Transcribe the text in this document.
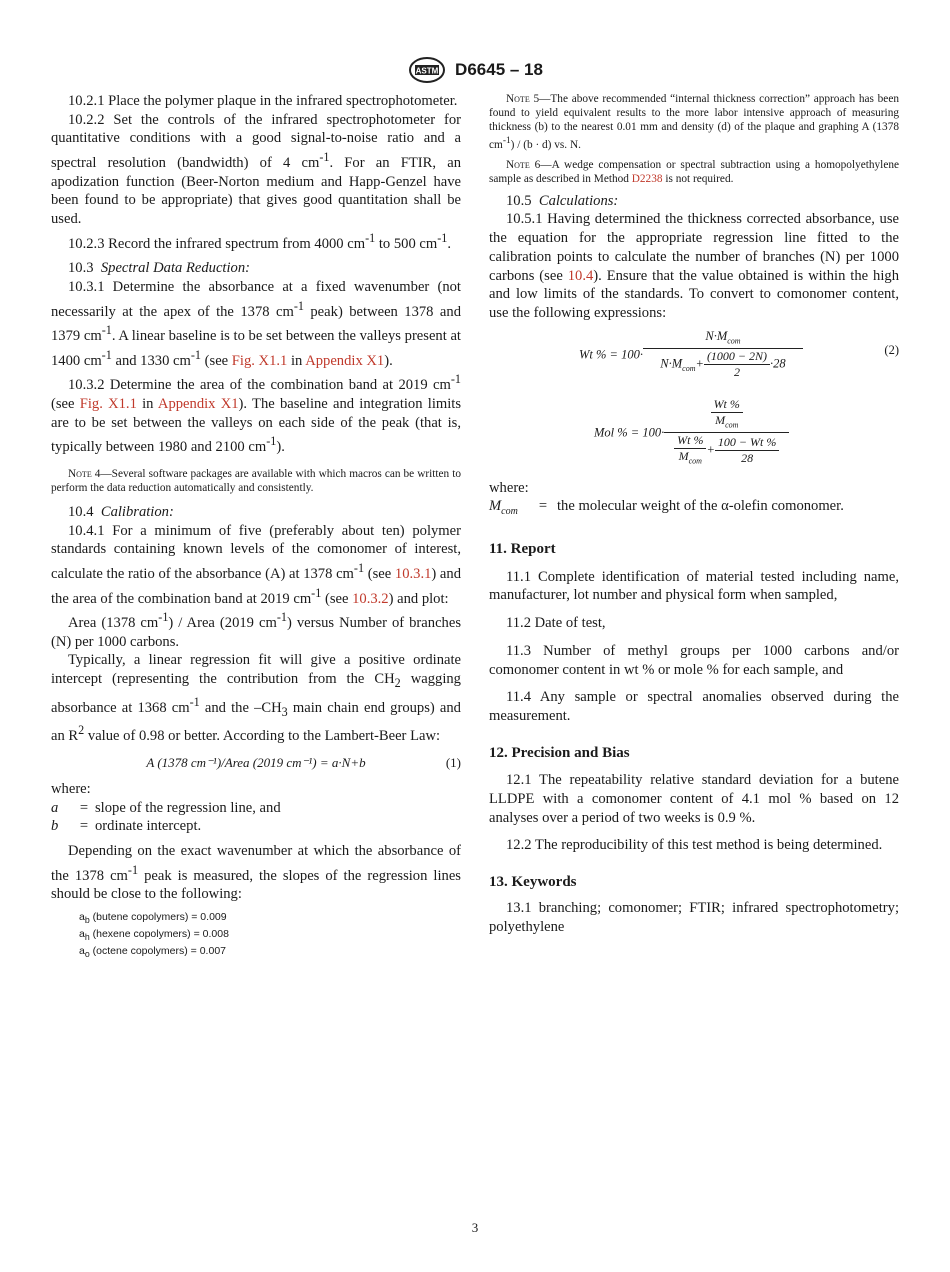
ASTM D6645 – 18

10.2.1 Place the polymer plaque in the infrared spectrophotometer.

10.2.2 Set the controls of the infrared spectrophotometer for quantitative conditions with a good signal-to-noise ratio and a spectral resolution (bandwidth) of 4 $cm^{-1}$. For an FTIR, an apodization function (Beer-Norton medium and Happ-Genzel have been found to be appropriate) that gives good quantitation shall be used.

10.2.3 Record the infrared spectrum from 4000 $cm^{-1}$ to 500 $cm^{-1}$.

10.3 Spectral Data Reduction:

10.3.1 Determine the absorbance at a fixed wavenumber (not necessarily at the apex of the 1378 $cm^{-1}$ peak) between 1378 and 1379 $cm^{-1}$. A linear baseline is to be set between the valleys present at 1400 $cm^{-1}$ and 1330 $cm^{-1}$ (see Fig. X1.1 in Appendix X1).

10.3.2 Determine the area of the combination band at 2019 $cm^{-1}$ (see Fig. X1.1 in Appendix X1). The baseline and integration limits are to be set between the valleys on each side of the peak (that is, typically between 1980 and 2100 $cm^{-1}$).

Note 4—Several software packages are available with which macros can be written to perform the data reduction automatically and consistently.

10.4 Calibration:

10.4.1 For a minimum of five (preferably about ten) polymer standards containing known levels of the comonomer of interest, calculate the ratio of the absorbance (A) at 1378 $cm^{-1}$ (see 10.3.1) and the area of the combination band at 2019 $cm^{-1}$ (see 10.3.2) and plot:

Area (1378 $cm^{-1}$) / Area (2019 $cm^{-1}$) versus Number of branches (N) per 1000 carbons.

Typically, a linear regression fit will give a positive ordinate intercept (representing the contribution from the $CH_2$ wagging absorbance at 1368 $cm^{-1}$ and the $-CH_3$ main chain end groups) and an $R^2$ value of 0.98 or better. According to the Lambert-Beer Law:

A (1378 cm⁻¹)/Area (2019 cm⁻¹) = a·N+b	(1)

where:

a	=	slope of the regression line, and
b	=	ordinate intercept.

Depending on the exact wavenumber at which the absorbance of the 1378 $cm^{-1}$ peak is measured, the slopes of the regression lines should be close to the following:

$a_b$ (butene copolymers) = 0.009
$a_h$ (hexene copolymers) = 0.008
$a_o$ (octene copolymers) = 0.007

Note 5—The above recommended “internal thickness correction” approach has been found to yield equivalent results to the more labor intensive approach of measuring thickness (b) to the nearest 0.01 mm and density (d) of the plaque and graphing A (1378 $cm^{-1}) / (b \cdot d)$ vs. N.

Note 6—A wedge compensation or spectral subtraction using a homopolyethylene sample as described in Method D2238 is not required.

10.5 Calculations:

10.5.1 Having determined the thickness corrected absorbance, use the equation for the appropriate regression line fitted to the calibration points to calculate the number of branches (N) per 1000 carbons (see 10.4). Ensure that the value obtained is within the high and low limits of the standards. To convert to comonomer content, use the following expressions:

Wt % = $100\cdot \frac{N\cdot M_{com}}{N\cdot M_{com}+ \frac{(1000 - 2N)}{2} \cdot 28}$	(2)
Mol % = $100\cdot \frac{\frac{Wt \%}{M_{com}}}{\frac{Wt \%}{M_{com}} + \frac{100 - Wt \%}{28}}$

where:

$M_{com}$	=	the molecular weight of the α-olefin comonomer.

11. Report

11.1 Complete identification of material tested including name, manufacturer, lot number and physical form when sampled,

11.2 Date of test,

11.3 Number of methyl groups per 1000 carbons and/or comonomer content in wt % or mole % for each sample, and

11.4 Any sample or spectral anomalies observed during the measurement.

12. Precision and Bias

12.1 The repeatability relative standard deviation for a butene LLDPE with a comonomer content of 4.1 mol % based on 12 analyses over a period of two weeks is 0.9 %.

12.2 The reproducibility of this test method is being determined.

13. Keywords

13.1 branching; comonomer; FTIR; infrared spectrophotometry; polyethylene

3
